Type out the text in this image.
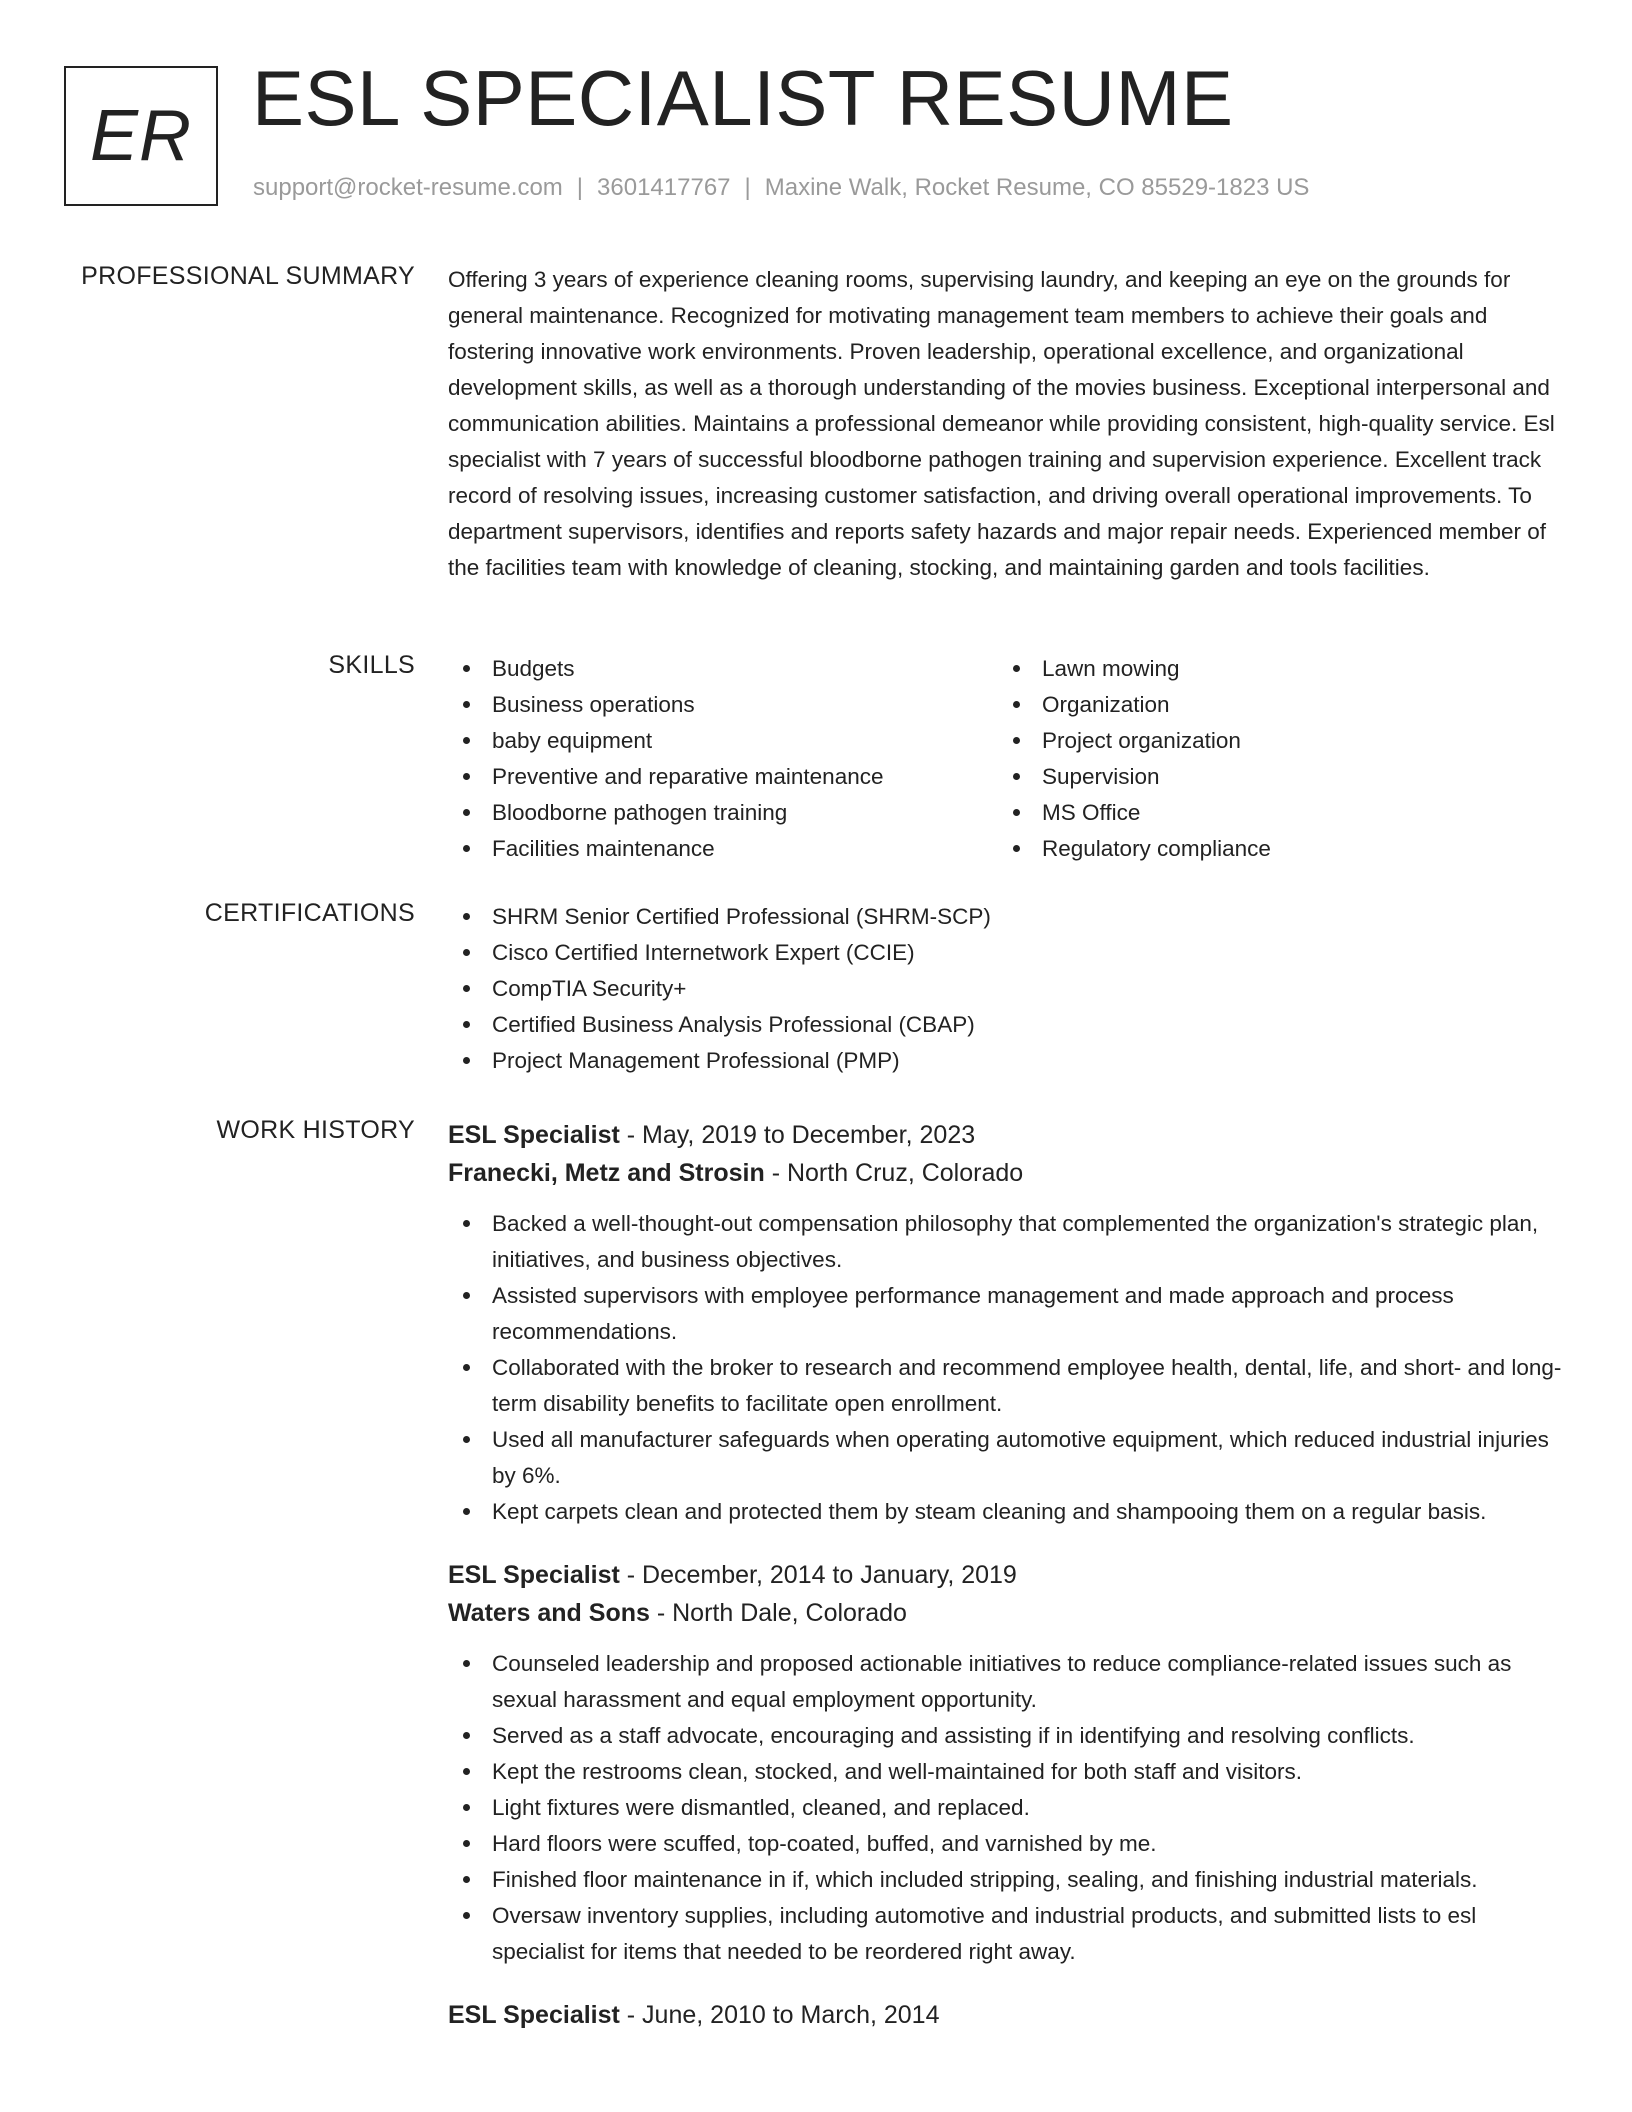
ER ESL SPECIALIST RESUME
support@rocket-resume.com | 3601417767 | Maxine Walk, Rocket Resume, CO 85529-1823 US
PROFESSIONAL SUMMARY Offering 3 years of experience cleaning rooms, supervising laundry, and keeping an eye on the grounds for general maintenance. Recognized for motivating management team members to achieve their goals and fostering innovative work environments. Proven leadership, operational excellence, and organizational development skills, as well as a thorough understanding of the movies business. Exceptional interpersonal and communication abilities. Maintains a professional demeanor while providing consistent, high-quality service. Esl specialist with 7 years of successful bloodborne pathogen training and supervision experience. Excellent track record of resolving issues, increasing customer satisfaction, and driving overall operational improvements. To department supervisors, identifies and reports safety hazards and major repair needs. Experienced member of the facilities team with knowledge of cleaning, stocking, and maintaining garden and tools facilities.

SKILLS	Budgets
Business operations
baby equipment
Preventive and reparative maintenance
Bloodborne pathogen training
Facilities maintenance
Lawn mowing
Organization
Project organization
Supervision
MS Office
Regulatory compliance
CERTIFICATIONS	SHRM Senior Certified Professional (SHRM-SCP)
Cisco Certified Internetwork Expert (CCIE)
CompTIA Security+
Certified Business Analysis Professional (CBAP)
Project Management Professional (PMP)
WORK HISTORY ESL Specialist - May, 2019 to December, 2023
Franecki, Metz and Strosin - North Cruz, Colorado
Backed a well-thought-out compensation philosophy that complemented the organization's strategic plan, initiatives, and business objectives.
Assisted supervisors with employee performance management and made approach and process recommendations.
Collaborated with the broker to research and recommend employee health, dental, life, and short- and long-term disability benefits to facilitate open enrollment.
Used all manufacturer safeguards when operating automotive equipment, which reduced industrial injuries by 6%.
Kept carpets clean and protected them by steam cleaning and shampooing them on a regular basis.
ESL Specialist - December, 2014 to January, 2019
Waters and Sons - North Dale, Colorado
Counseled leadership and proposed actionable initiatives to reduce compliance-related issues such as sexual harassment and equal employment opportunity.
Served as a staff advocate, encouraging and assisting if in identifying and resolving conflicts.
Kept the restrooms clean, stocked, and well-maintained for both staff and visitors.
Light fixtures were dismantled, cleaned, and replaced.
Hard floors were scuffed, top-coated, buffed, and varnished by me.
Finished floor maintenance in if, which included stripping, sealing, and finishing industrial materials.
Oversaw inventory supplies, including automotive and industrial products, and submitted lists to esl specialist for items that needed to be reordered right away.
ESL Specialist - June, 2010 to March, 2014
